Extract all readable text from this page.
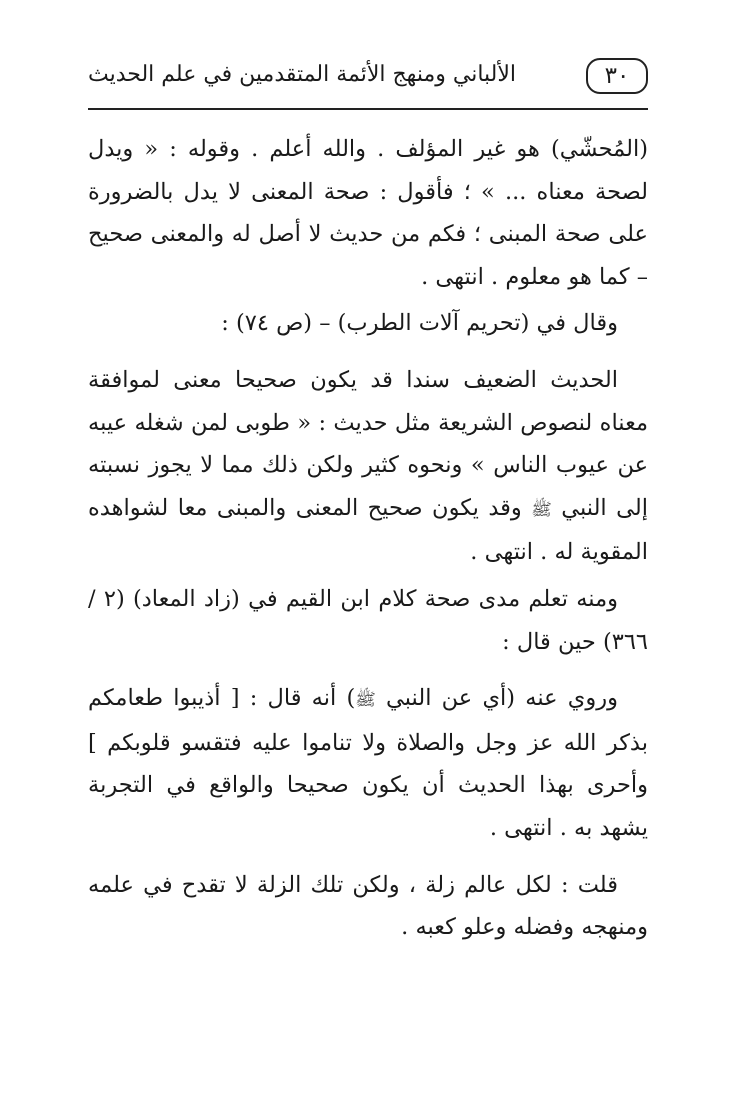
٣٠
الألباني ومنهج الأئمة المتقدمين في علم الحديث

(المُحشّي) هو غير المؤلف . والله أعلم . وقوله : « ويدل لصحة معناه ... » ؛ فأقول : صحة المعنى لا يدل بالضرورة على صحة المبنى ؛ فكم من حديث لا أصل له والمعنى صحيح – كما هو معلوم . انتهى .

وقال في (تحريم آلات الطرب) – (ص ٧٤) :

الحديث الضعيف سندا قد يكون صحيحا معنى لموافقة معناه لنصوص الشريعة مثل حديث : « طوبى لمن شغله عيبه عن عيوب الناس » ونحوه كثير ولكن ذلك مما لا يجوز نسبته إلى النبي ﷺ وقد يكون صحيح المعنى والمبنى معا لشواهده المقوية له . انتهى .

ومنه تعلم مدى صحة كلام ابن القيم في (زاد المعاد) (٢ / ٣٦٦) حين قال :

وروي عنه (أي عن النبي ﷺ) أنه قال : [ أذيبوا طعامكم بذكر الله عز وجل والصلاة ولا تناموا عليه فتقسو قلوبكم ] وأحرى بهذا الحديث أن يكون صحيحا والواقع في التجربة يشهد به . انتهى .

قلت : لكل عالم زلة ، ولكن تلك الزلة لا تقدح في علمه ومنهجه وفضله وعلو كعبه .
